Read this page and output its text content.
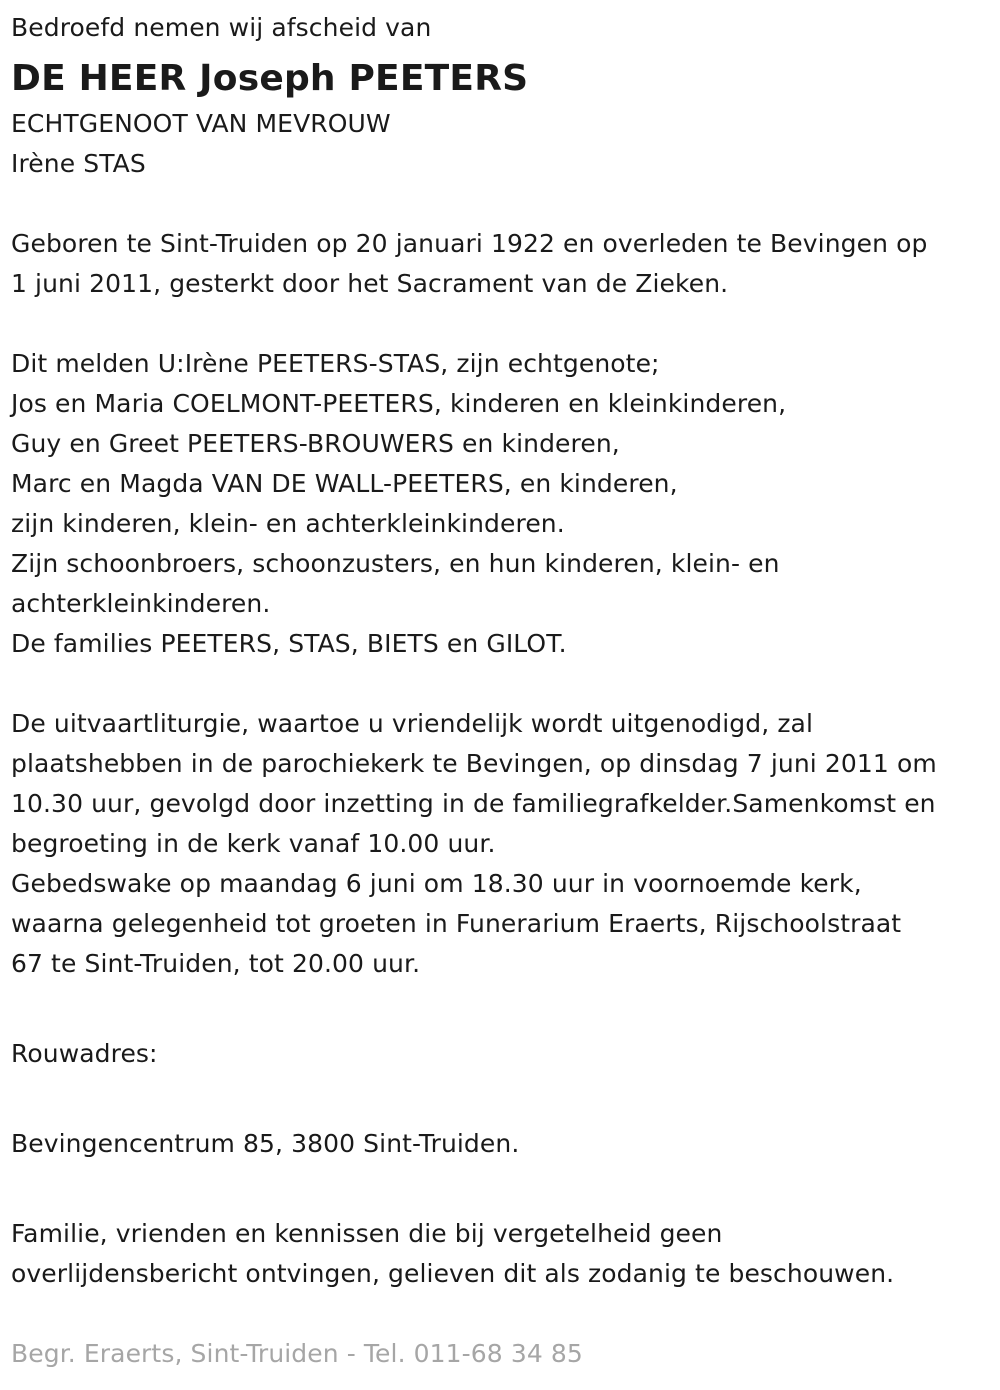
Bedroefd nemen wij afscheid van
DE HEER Joseph PEETERS
ECHTGENOOT VAN MEVROUW
Irène STAS
Geboren te Sint-Truiden op 20 januari 1922 en overleden te Bevingen op
1 juni 2011, gesterkt door het Sacrament van de Zieken.
Dit melden U:Irène PEETERS-STAS, zijn echtgenote;
Jos en Maria COELMONT-PEETERS, kinderen en kleinkinderen,
Guy en Greet PEETERS-BROUWERS en kinderen,
Marc en Magda VAN DE WALL-PEETERS, en kinderen,
zijn kinderen, klein- en achterkleinkinderen.
Zijn schoonbroers, schoonzusters, en hun kinderen, klein- en
achterkleinkinderen.
De families PEETERS, STAS, BIETS en GILOT.
De uitvaartliturgie, waartoe u vriendelijk wordt uitgenodigd, zal
plaatshebben in de parochiekerk te Bevingen, op dinsdag 7 juni 2011 om
10.30 uur, gevolgd door inzetting in de familiegrafkelder.Samenkomst en
begroeting in de kerk vanaf 10.00 uur.
Gebedswake op maandag 6 juni om 18.30 uur in voornoemde kerk,
waarna gelegenheid tot groeten in Funerarium Eraerts, Rijschoolstraat
67 te Sint-Truiden, tot 20.00 uur.
Rouwadres:
Bevingencentrum 85, 3800 Sint-Truiden.
Familie, vrienden en kennissen die bij vergetelheid geen
overlijdensbericht ontvingen, gelieven dit als zodanig te beschouwen.
Begr. Eraerts, Sint-Truiden - Tel. 011-68 34 85
